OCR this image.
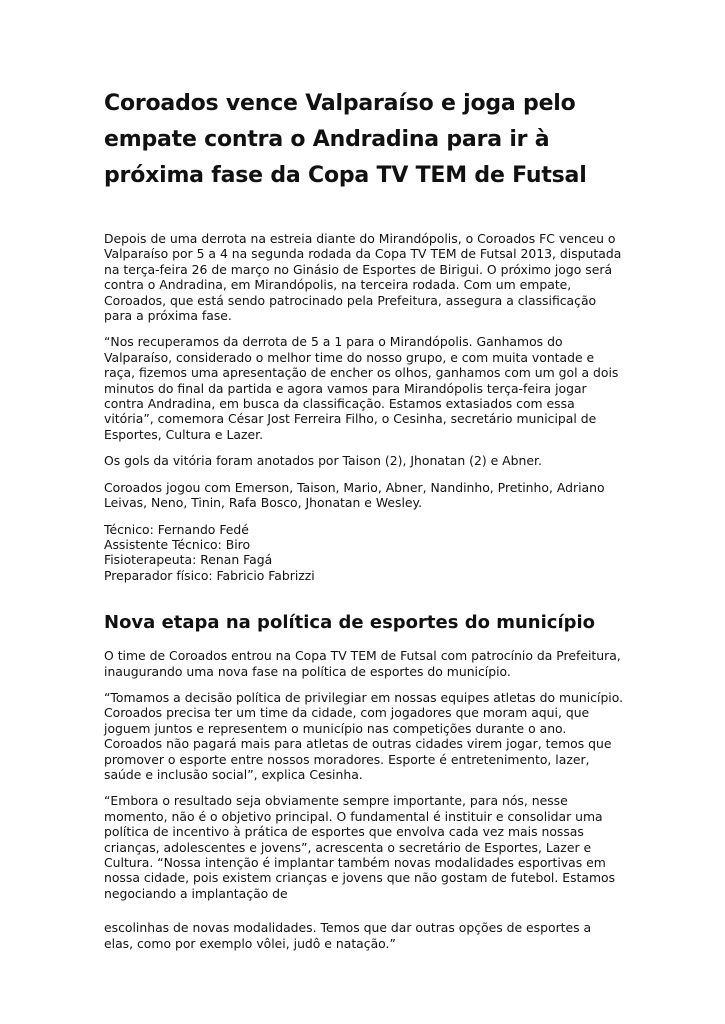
Coroados vence Valparaíso e joga pelo empate contra o Andradina para ir à próxima fase da Copa TV TEM de Futsal

Depois de uma derrota na estreia diante do Mirandópolis, o Coroados FC venceu o Valparaíso por 5 a 4 na segunda rodada da Copa TV TEM de Futsal 2013, disputada na terça-feira 26 de março no Ginásio de Esportes de Birigui. O próximo jogo será contra o Andradina, em Mirandópolis, na terceira rodada. Com um empate, Coroados, que está sendo patrocinado pela Prefeitura, assegura a classificação para a próxima fase.

“Nos recuperamos da derrota de 5 a 1 para o Mirandópolis. Ganhamos do Valparaíso, considerado o melhor time do nosso grupo, e com muita vontade e raça, fizemos uma apresentação de encher os olhos, ganhamos com um gol a dois minutos do final da partida e agora vamos para Mirandópolis terça-feira jogar contra Andradina, em busca da classificação. Estamos extasiados com essa vitória”, comemora César Jost Ferreira Filho, o Cesinha, secretário municipal de Esportes, Cultura e Lazer.

Os gols da vitória foram anotados por Taison (2), Jhonatan (2) e Abner.

Coroados jogou com Emerson, Taison, Mario, Abner, Nandinho, Pretinho, Adriano Leivas, Neno, Tinin, Rafa Bosco, Jhonatan e Wesley.

Técnico: Fernando Fedé

Assistente Técnico: Biro

Fisioterapeuta: Renan Fagá

Preparador físico: Fabricio Fabrizzi

Nova etapa na política de esportes do município

O time de Coroados entrou na Copa TV TEM de Futsal com patrocínio da Prefeitura, inaugurando uma nova fase na política de esportes do município.

“Tomamos a decisão política de privilegiar em nossas equipes atletas do município. Coroados precisa ter um time da cidade, com jogadores que moram aqui, que joguem juntos e representem o município nas competições durante o ano. Coroados não pagará mais para atletas de outras cidades virem jogar, temos que promover o esporte entre nossos moradores. Esporte é entretenimento, lazer, saúde e inclusão social”, explica Cesinha.

“Embora o resultado seja obviamente sempre importante, para nós, nesse momento, não é o objetivo principal. O fundamental é instituir e consolidar uma política de incentivo à prática de esportes que envolva cada vez mais nossas crianças, adolescentes e jovens”, acrescenta o secretário de Esportes, Lazer e Cultura. “Nossa intenção é implantar também novas modalidades esportivas em nossa cidade, pois existem crianças e jovens que não gostam de futebol. Estamos negociando a implantação de

escolinhas de novas modalidades. Temos que dar outras opções de esportes a elas, como por exemplo vôlei, judô e natação.”
